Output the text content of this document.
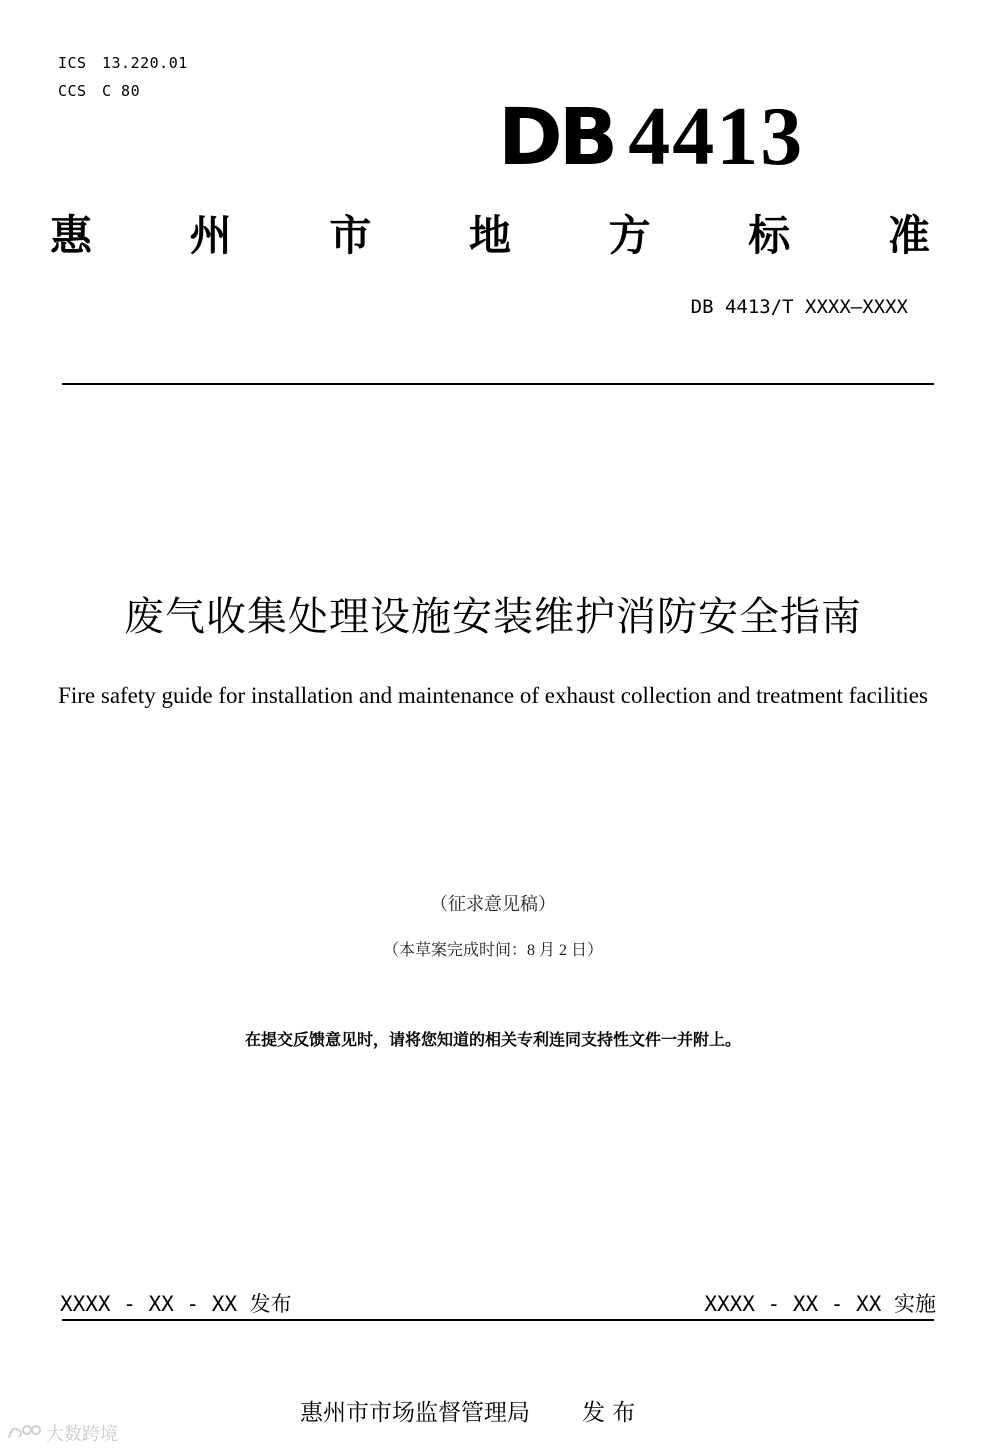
ICS 13.220.01
CCS C 80
DB 4413
惠 州 市 地 方 标 准
DB 4413/T XXXX—XXXX
废气收集处理设施安装维护消防安全指南
Fire safety guide for installation and maintenance of exhaust collection and treatment facilities
（征求意见稿）
（本草案完成时间：8 月 2 日）
在提交反馈意见时，请将您知道的相关专利连同支持性文件一并附上。
XXXX - XX - XX 发布	XXXX - XX - XX 实施
惠州市市场监督管理局 发 布
大数跨境
